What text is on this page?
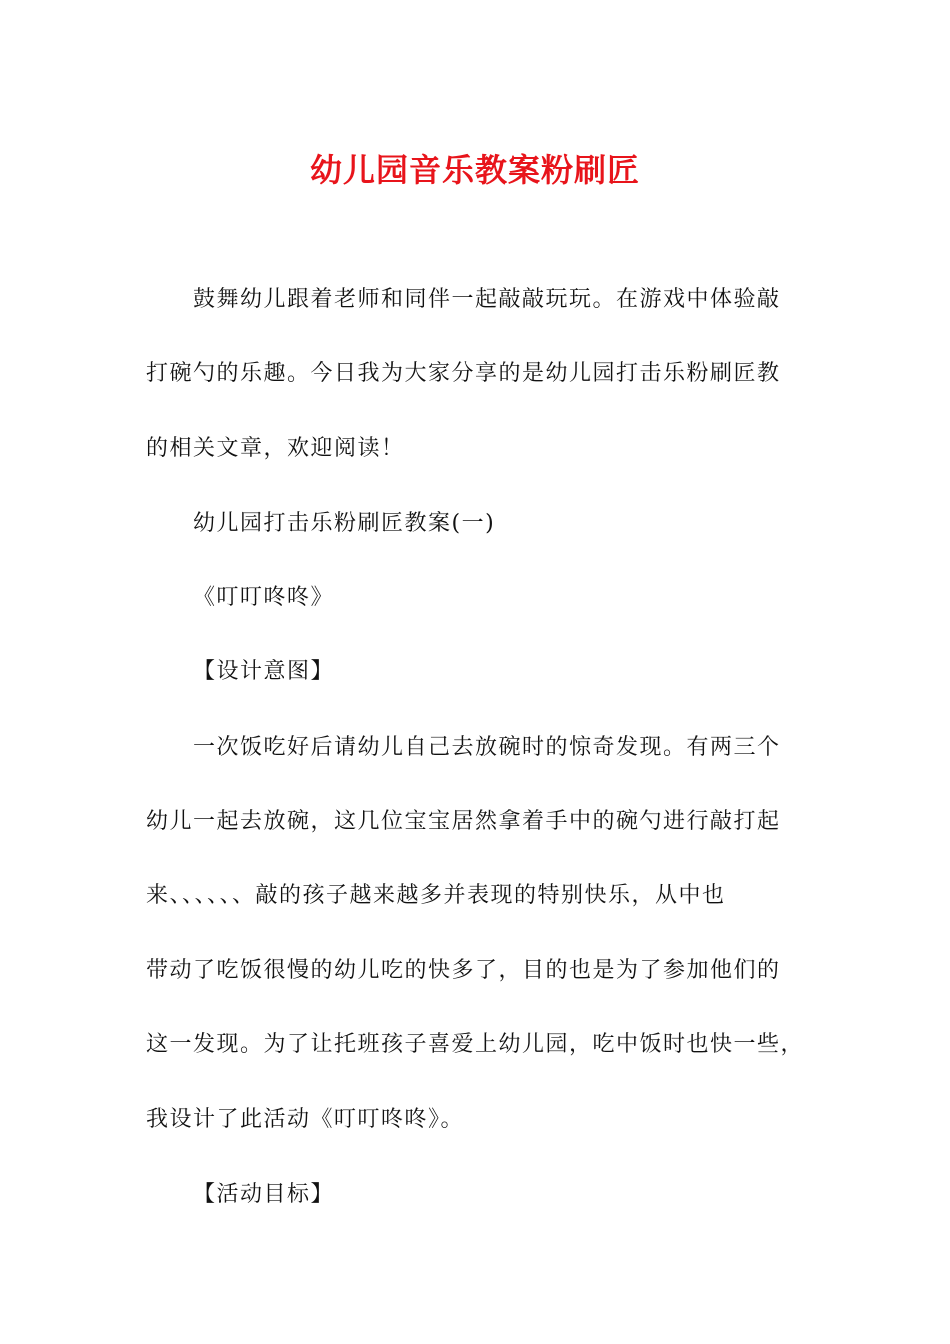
幼儿园音乐教案粉刷匠

鼓舞幼儿跟着老师和同伴一起敲敲玩玩。在游戏中体验敲

打碗勺的乐趣。今日我为大家分享的是幼儿园打击乐粉刷匠教

的相关文章，欢迎阅读！

幼儿园打击乐粉刷匠教案(一)

《叮叮咚咚》

【设计意图】

一次饭吃好后请幼儿自己去放碗时的惊奇发现。有两三个

幼儿一起去放碗，这几位宝宝居然拿着手中的碗勺进行敲打起

来、、、、、、敲的孩子越来越多并表现的特别快乐，从中也

带动了吃饭很慢的幼儿吃的快多了，目的也是为了参加他们的

这一发现。为了让托班孩子喜爱上幼儿园，吃中饭时也快一些，

我设计了此活动《叮叮咚咚》。

【活动目标】
